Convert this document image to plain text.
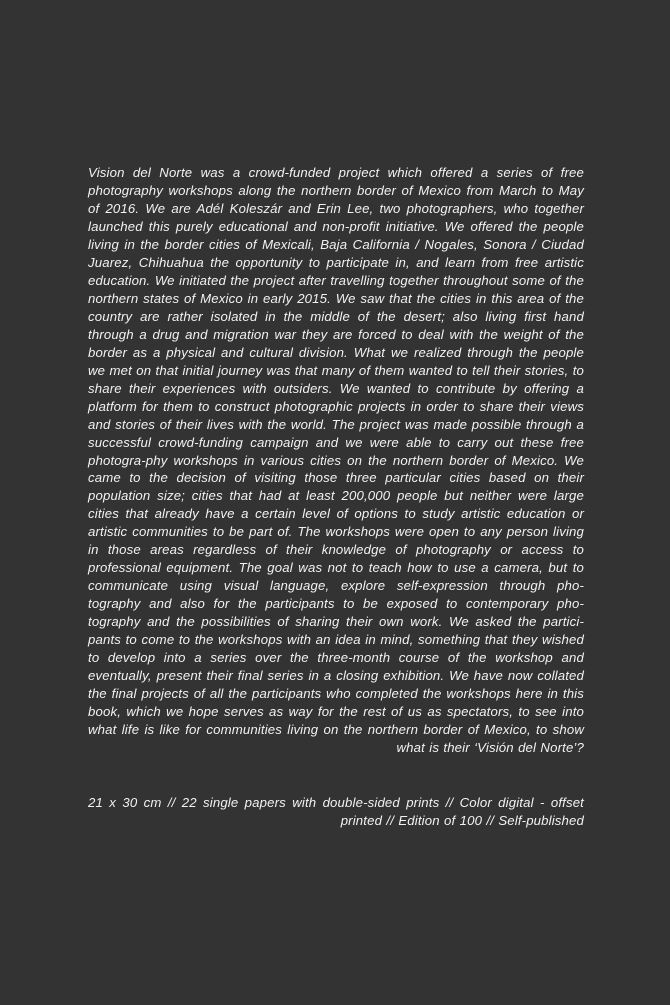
Vision del Norte was a crowd-funded project which offered a series of free photography workshops along the northern border of Mexico from March to May of 2016. We are Adél Koleszár and Erin Lee, two photographers, who together launched this purely educational and non-profit initiative. We offered the people living in the border cities of Mexicali, Baja California / Nogales, Sonora / Ciudad Juarez, Chihuahua the opportunity to participate in, and learn from free artistic education. We initiated the project after travelling together throughout some of the northern states of Mexico in early 2015. We saw that the cities in this area of the country are rather isolated in the middle of the desert; also living first hand through a drug and migration war they are forced to deal with the weight of the border as a physical and cultural division. What we realized through the people we met on that initial journey was that many of them wanted to tell their stories, to share their experiences with outsiders. We wanted to contribute by offering a platform for them to construct photographic projects in order to share their views and stories of their lives with the world. The project was made possible through a successful crowd-funding campaign and we were able to carry out these free photogra-phy workshops in various cities on the northern border of Mexico. We came to the decision of visiting those three particular cities based on their population size; cities that had at least 200,000 people but neither were large cities that already have a certain level of options to study artistic education or artistic communities to be part of. The workshops were open to any person living in those areas regardless of their knowledge of photography or access to professional equipment. The goal was not to teach how to use a camera, but to communicate using visual language, explore self-expression through pho-tography and also for the participants to be exposed to contemporary pho-tography and the possibilities of sharing their own work. We asked the partici-pants to come to the workshops with an idea in mind, something that they wished to develop into a series over the three-month course of the workshop and eventually, present their final series in a closing exhibition. We have now collated the final projects of all the participants who completed the workshops here in this book, which we hope serves as way for the rest of us as spectators, to see into what life is like for communities living on the northern border of Mexico, to show what is their ‘Visión del Norte’?

21 x 30 cm // 22 single papers with double-sided prints // Color digital - offset printed // Edition of 100 // Self-published
